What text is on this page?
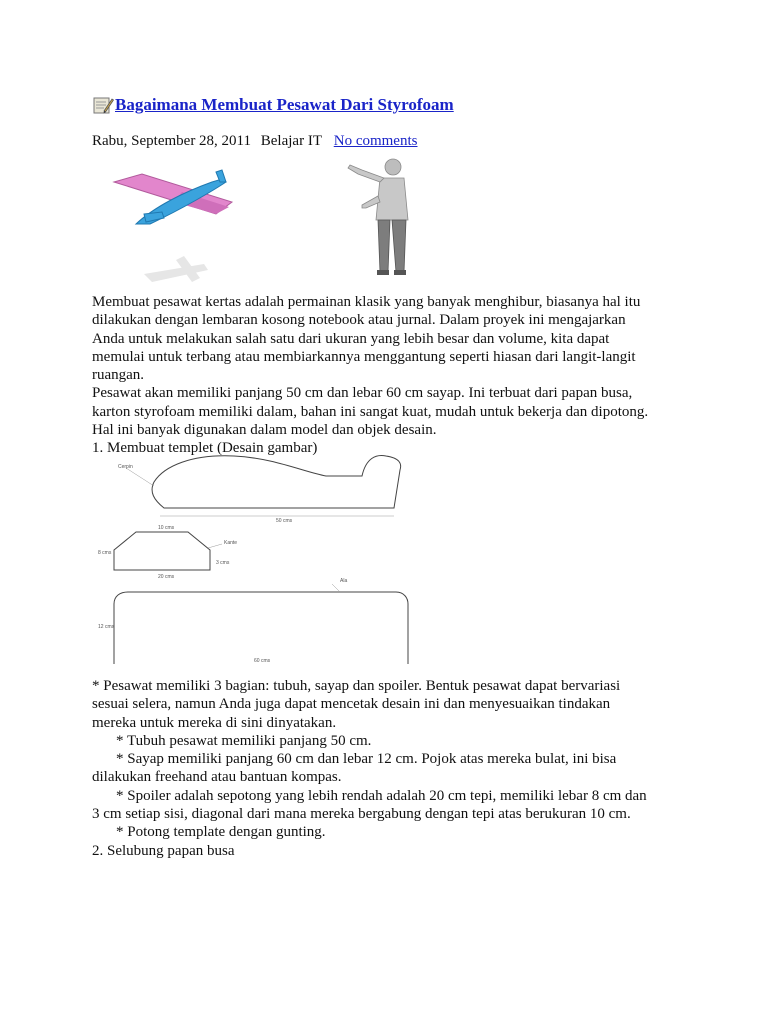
Bagaimana Membuat Pesawat Dari Styrofoam
Rabu, September 28, 2011 Belajar IT No comments

Membuat pesawat kertas adalah permainan klasik yang banyak menghibur, biasanya hal itu

dilakukan dengan lembaran kosong notebook atau jurnal. Dalam proyek ini mengajarkan

Anda untuk melakukan salah satu dari ukuran yang lebih besar dan volume, kita dapat

memulai untuk terbang atau membiarkannya menggantung seperti hiasan dari langit-langit

ruangan.

Pesawat akan memiliki panjang 50 cm dan lebar 60 cm sayap. Ini terbuat dari papan busa,

karton styrofoam memiliki dalam, bahan ini sangat kuat, mudah untuk bekerja dan dipotong.

Hal ini banyak digunakan dalam model dan objek desain.

1. Membuat templet (Desain gambar)

Cerpin
50 cms
10 cms
Kante
8 cms
3 cms
20 cms
Ala
12 cms
60 cms

* Pesawat memiliki 3 bagian: tubuh, sayap dan spoiler. Bentuk pesawat dapat bervariasi

sesuai selera, namun Anda juga dapat mencetak desain ini dan menyesuaikan tindakan

mereka untuk mereka di sini dinyatakan.

* Tubuh pesawat memiliki panjang 50 cm.

* Sayap memiliki panjang 60 cm dan lebar 12 cm. Pojok atas mereka bulat, ini bisa

dilakukan freehand atau bantuan kompas.

* Spoiler adalah sepotong yang lebih rendah adalah 20 cm tepi, memiliki lebar 8 cm dan

3 cm setiap sisi, diagonal dari mana mereka bergabung dengan tepi atas berukuran 10 cm.

* Potong template dengan gunting.

2. Selubung papan busa
